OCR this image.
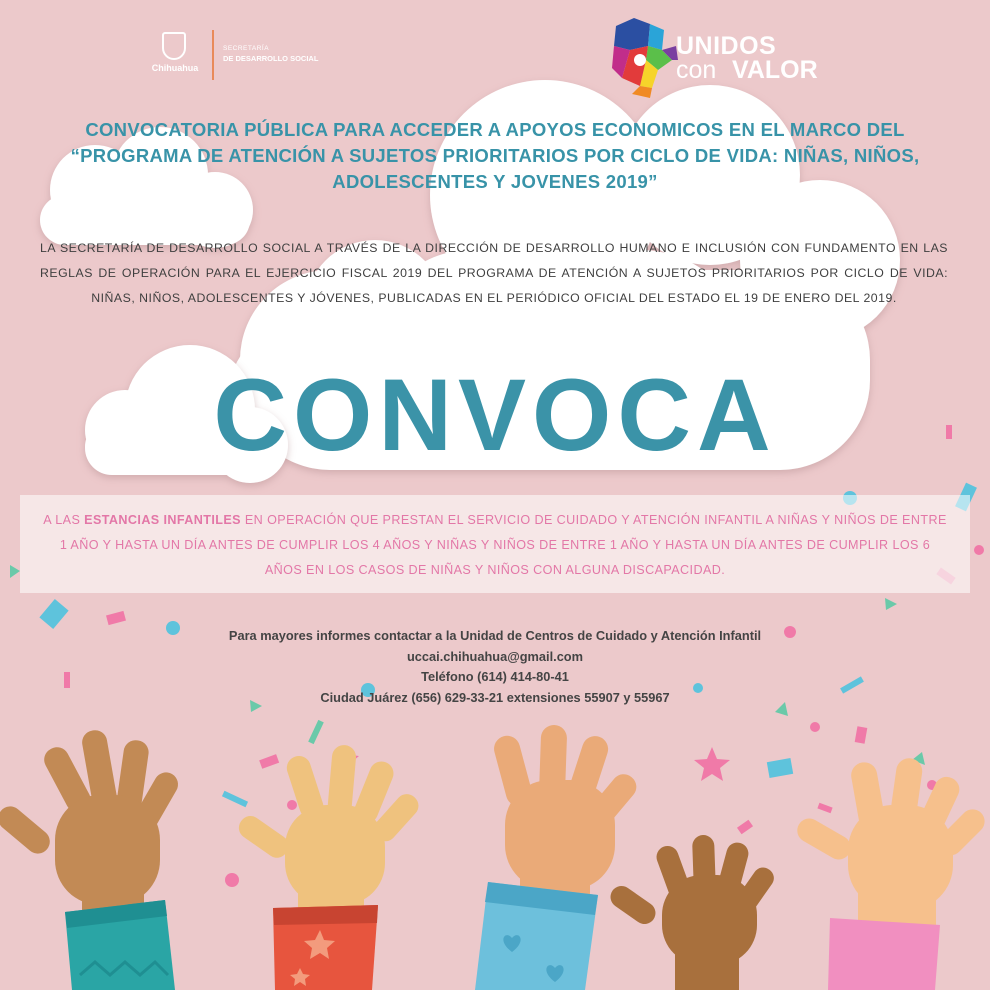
Chihuahua
SECRETARÍA
DE DESARROLLO SOCIAL	UNIDOS
con VALOR

CONVOCATORIA PÚBLICA PARA ACCEDER A APOYOS ECONOMICOS EN EL MARCO DEL “PROGRAMA DE ATENCIÓN A SUJETOS PRIORITARIOS POR CICLO DE VIDA: NIÑAS, NIÑOS, ADOLESCENTES Y JOVENES 2019”

LA SECRETARÍA DE DESARROLLO SOCIAL A TRAVÉS DE LA DIRECCIÓN DE DESARROLLO HUMANO E INCLUSIÓN CON FUNDAMENTO EN LAS REGLAS DE OPERACIÓN PARA EL EJERCICIO FISCAL 2019 DEL PROGRAMA DE ATENCIÓN A SUJETOS PRIORITARIOS POR CICLO DE VIDA: NIÑAS, NIÑOS, ADOLESCENTES Y JÓVENES, PUBLICADAS EN EL PERIÓDICO OFICIAL DEL ESTADO EL 19 DE ENERO DEL 2019.

CONVOCA

A LAS ESTANCIAS INFANTILES EN OPERACIÓN QUE PRESTAN EL SERVICIO DE CUIDADO Y ATENCIÓN INFANTIL A NIÑAS Y NIÑOS DE ENTRE 1 AÑO Y HASTA UN DÍA ANTES DE CUMPLIR LOS 4 AÑOS Y NIÑAS Y NIÑOS DE ENTRE 1 AÑO Y HASTA UN DÍA ANTES DE CUMPLIR LOS 6 AÑOS EN LOS CASOS DE NIÑAS Y NIÑOS CON ALGUNA DISCAPACIDAD.

Para mayores informes contactar a la Unidad de Centros de Cuidado y Atención Infantil
uccai.chihuahua@gmail.com
Teléfono (614) 414-80-41
Ciudad Juárez (656) 629-33-21 extensiones 55907 y 55967
